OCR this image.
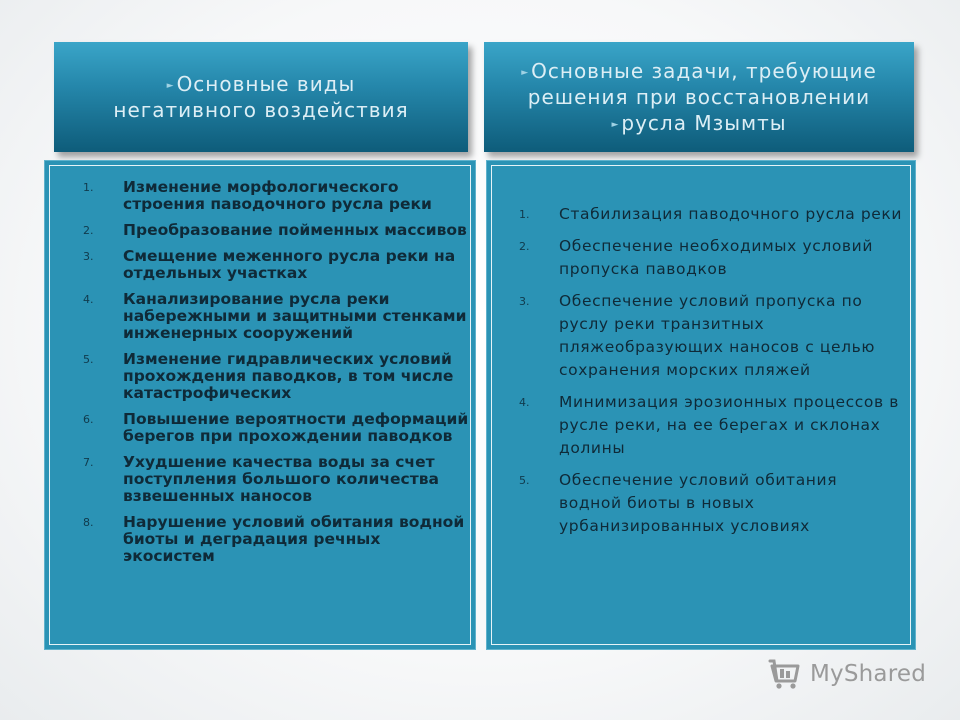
► Основные виды
негативного воздействия
► Основные задачи, требующие
решения при восстановлении
► русла Мзымты
1. Изменение морфологического строения паводочного русла реки
2. Преобразование пойменных массивов
3. Смещение меженного русла реки на отдельных участках
4. Канализирование русла реки набережными и защитными стенками инженерных сооружений
5. Изменение гидравлических условий прохождения паводков, в том числе катастрофических
6. Повышение вероятности деформаций берегов при прохождении паводков
7. Ухудшение качества воды за счет поступления большого количества взвешенных наносов
8. Нарушение условий обитания водной биоты и деградация речных экосистем
1. Стабилизация паводочного русла реки
2. Обеспечение необходимых условий пропуска паводков
3. Обеспечение условий пропуска по руслу реки транзитных пляжеобразующих наносов с целью сохранения морских пляжей
4. Минимизация эрозионных процессов в русле реки, на ее берегах и склонах долины
5. Обеспечение условий обитания водной биоты в новых урбанизированных условиях
MyShared
